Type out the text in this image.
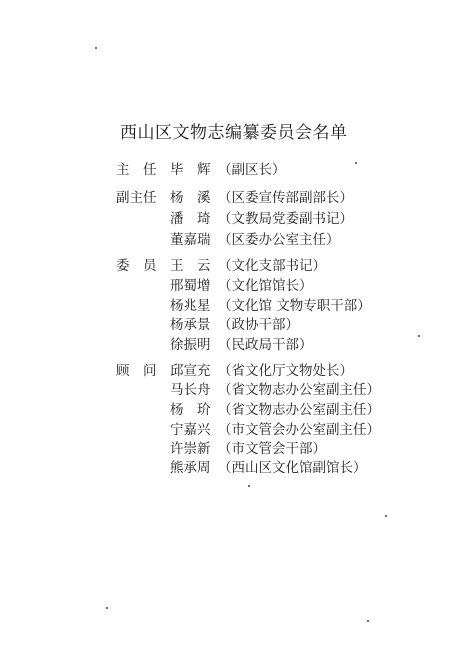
西山区文物志编纂委员会名单
主　任 毕　辉 （副区长）
副主任 杨　溪 （区委宣传部副部长）
潘　琦 （文教局党委副书记）
董嘉瑞 （区委办公室主任）
委　员 王　云 （文化支部书记）
邢蜀增 （文化馆馆长）
杨兆星 （文化馆 文物专职干部）
杨承景 （政协干部）
徐振明 （民政局干部）
顾　问 邱宣充 （省文化厅文物处长）
马长舟 （省文物志办公室副主任）
杨　玠 （省文物志办公室副主任）
宁嘉兴 （市文管会办公室副主任）
许崇新 （市文管会干部）
熊承周 （西山区文化馆副馆长）
